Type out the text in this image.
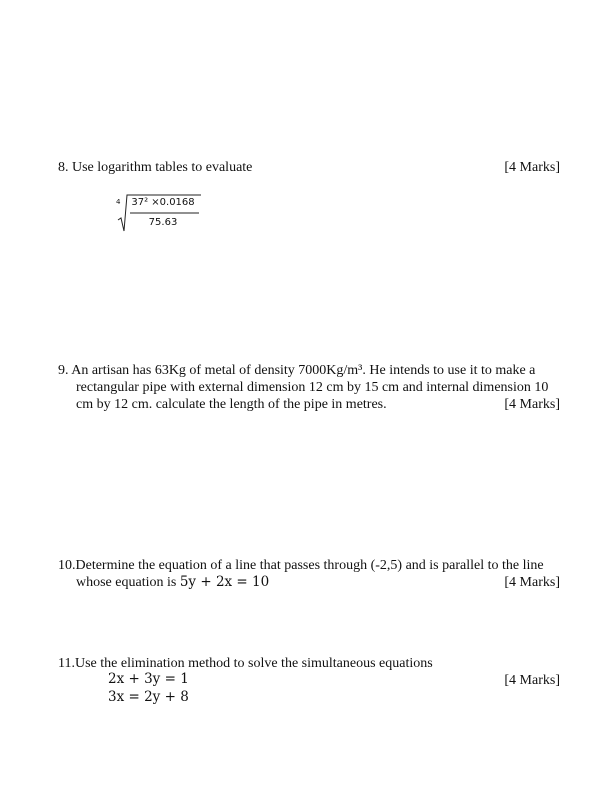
8. Use logarithm tables to evaluate	[4 Marks]
4	37² ×0.0168
75.63
9. An artisan has 63Kg of metal of density 7000Kg/m³. He intends to use it to make a
rectangular pipe with external dimension 12 cm by 15 cm and internal dimension 10
cm by 12 cm. calculate the length of the pipe in metres.	[4 Marks]
10.Determine the equation of a line that passes through (-2,5) and is parallel to the line
whose equation is 5y + 2x = 10	[4 Marks]
11.Use the elimination method to solve the simultaneous equations
[4 Marks]
2x + 3y = 1
3x = 2y + 8
